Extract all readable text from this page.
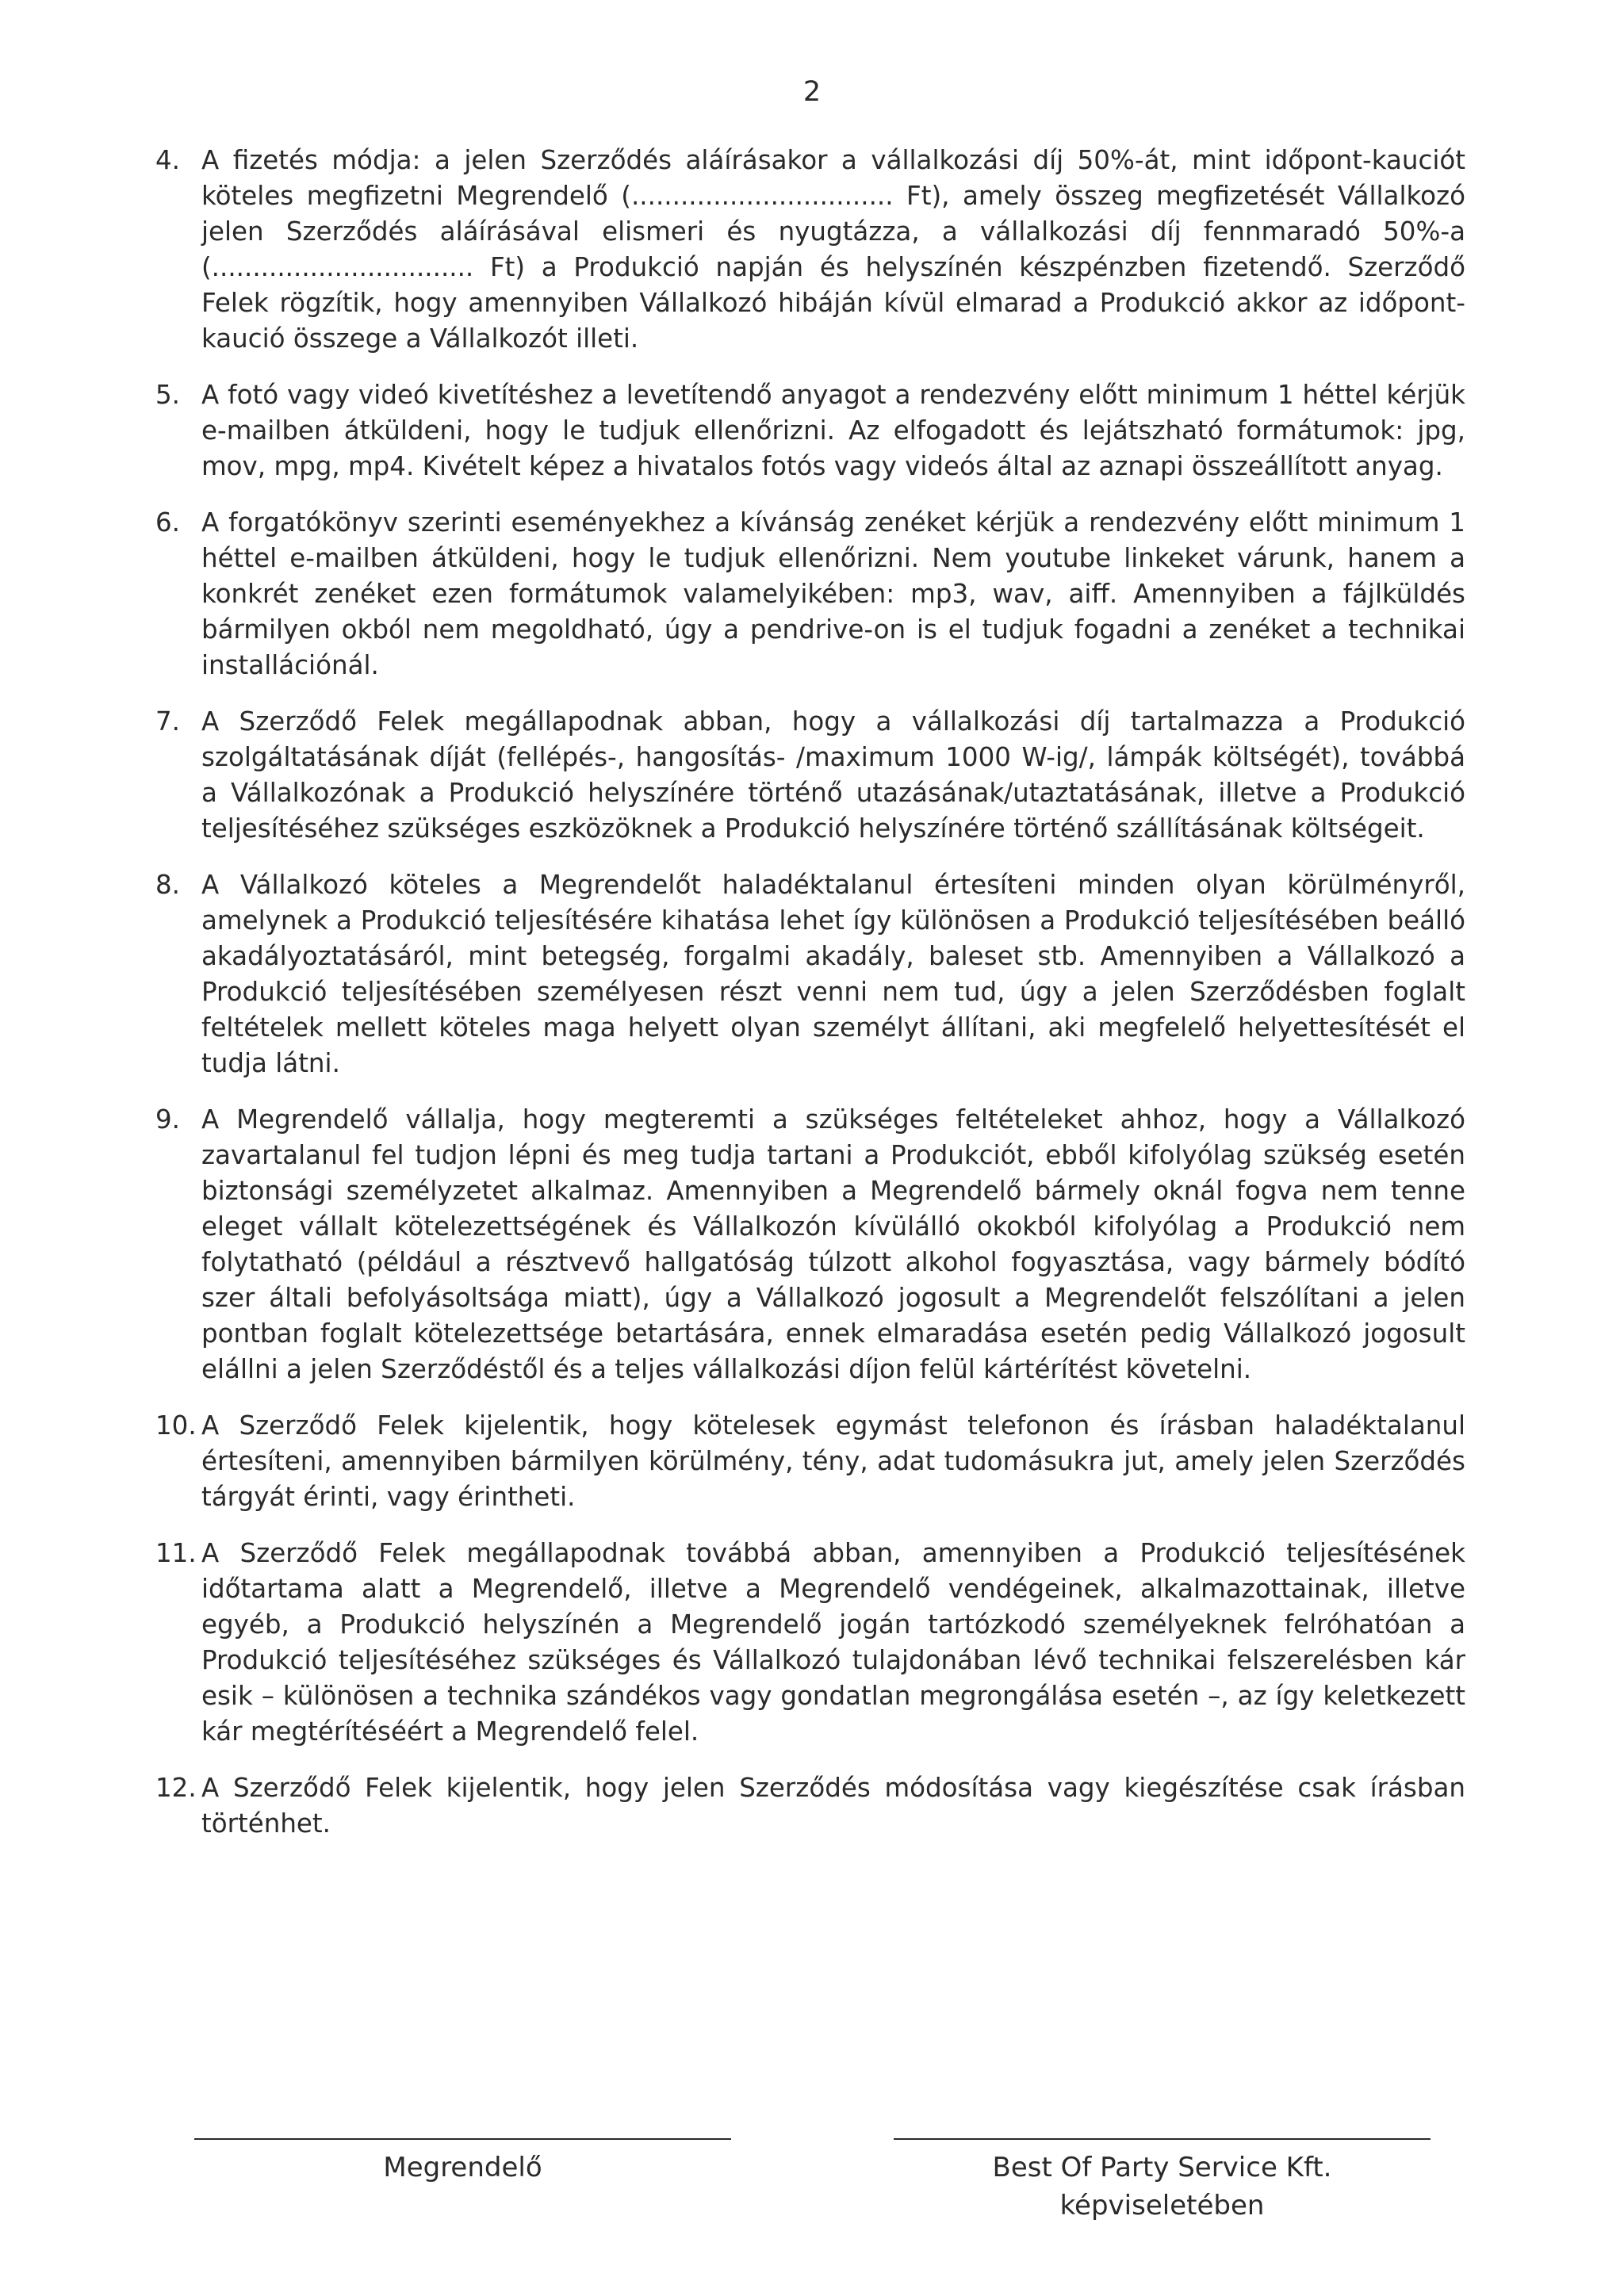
2
4. A fizetés módja: a jelen Szerződés aláírásakor a vállalkozási díj 50%-át, mint időpont-kauciót köteles megfizetni Megrendelő (................................ Ft), amely összeg megfizetését Vállalkozó jelen Szerződés aláírásával elismeri és nyugtázza, a vállalkozási díj fennmaradó 50%-a (................................ Ft) a Produkció napján és helyszínén készpénzben fizetendő. Szerződő Felek rögzítik, hogy amennyiben Vállalkozó hibáján kívül elmarad a Produkció akkor az időpont-kaució összege a Vállalkozót illeti.
5. A fotó vagy videó kivetítéshez a levetítendő anyagot a rendezvény előtt minimum 1 héttel kérjük e-mailben átküldeni, hogy le tudjuk ellenőrizni. Az elfogadott és lejátszható formátumok: jpg, mov, mpg, mp4. Kivételt képez a hivatalos fotós vagy videós által az aznapi összeállított anyag.
6. A forgatókönyv szerinti eseményekhez a kívánság zenéket kérjük a rendezvény előtt minimum 1 héttel e-mailben átküldeni, hogy le tudjuk ellenőrizni. Nem youtube linkeket várunk, hanem a konkrét zenéket ezen formátumok valamelyikében: mp3, wav, aiff. Amennyiben a fájlküldés bármilyen okból nem megoldható, úgy a pendrive-on is el tudjuk fogadni a zenéket a technikai installációnál.
7. A Szerződő Felek megállapodnak abban, hogy a vállalkozási díj tartalmazza a Produkció szolgáltatásának díját (fellépés-, hangosítás- /maximum 1000 W-ig/, lámpák költségét), továbbá a Vállalkozónak a Produkció helyszínére történő utazásának/utaztatásának, illetve a Produkció teljesítéséhez szükséges eszközöknek a Produkció helyszínére történő szállításának költségeit.
8. A Vállalkozó köteles a Megrendelőt haladéktalanul értesíteni minden olyan körülményről, amelynek a Produkció teljesítésére kihatása lehet így különösen a Produkció teljesítésében beálló akadályoztatásáról, mint betegség, forgalmi akadály, baleset stb. Amennyiben a Vállalkozó a Produkció teljesítésében személyesen részt venni nem tud, úgy a jelen Szerződésben foglalt feltételek mellett köteles maga helyett olyan személyt állítani, aki megfelelő helyettesítését el tudja látni.
9. A Megrendelő vállalja, hogy megteremti a szükséges feltételeket ahhoz, hogy a Vállalkozó zavartalanul fel tudjon lépni és meg tudja tartani a Produkciót, ebből kifolyólag szükség esetén biztonsági személyzetet alkalmaz. Amennyiben a Megrendelő bármely oknál fogva nem tenne eleget vállalt kötelezettségének és Vállalkozón kívülálló okokból kifolyólag a Produkció nem folytatható (például a résztvevő hallgatóság túlzott alkohol fogyasztása, vagy bármely bódító szer általi befolyásoltsága miatt), úgy a Vállalkozó jogosult a Megrendelőt felszólítani a jelen pontban foglalt kötelezettsége betartására, ennek elmaradása esetén pedig Vállalkozó jogosult elállni a jelen Szerződéstől és a teljes vállalkozási díjon felül kártérítést követelni.
10. A Szerződő Felek kijelentik, hogy kötelesek egymást telefonon és írásban haladéktalanul értesíteni, amennyiben bármilyen körülmény, tény, adat tudomásukra jut, amely jelen Szerződés tárgyát érinti, vagy érintheti.
11. A Szerződő Felek megállapodnak továbbá abban, amennyiben a Produkció teljesítésének időtartama alatt a Megrendelő, illetve a Megrendelő vendégeinek, alkalmazottainak, illetve egyéb, a Produkció helyszínén a Megrendelő jogán tartózkodó személyeknek felróhatóan a Produkció teljesítéséhez szükséges és Vállalkozó tulajdonában lévő technikai felszerelésben kár esik – különösen a technika szándékos vagy gondatlan megrongálása esetén –, az így keletkezett kár megtérítéséért a Megrendelő felel.
12. A Szerződő Felek kijelentik, hogy jelen Szerződés módosítása vagy kiegészítése csak írásban történhet.
Megrendelő	Best Of Party Service Kft.
képviseletében
